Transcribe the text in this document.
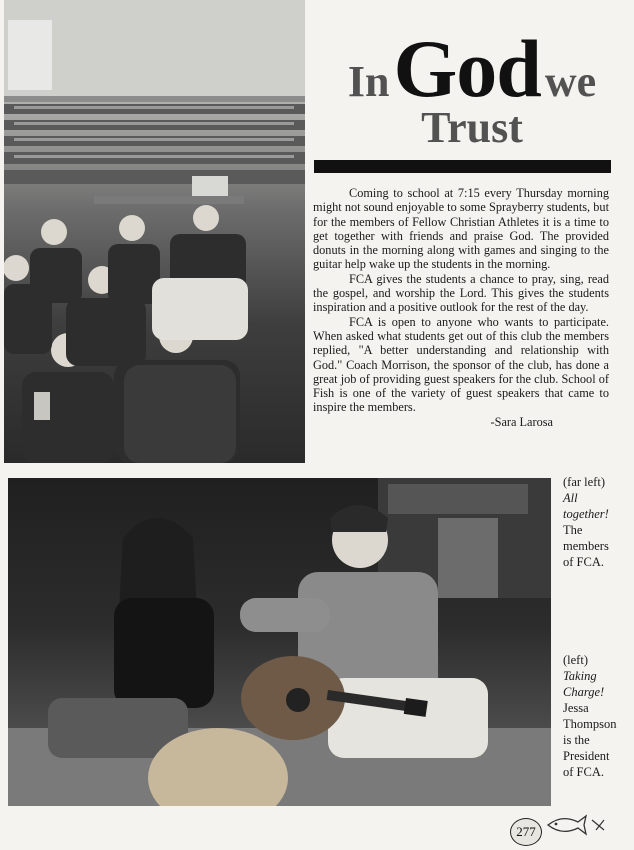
In God we
Trust

Coming to school at 7:15 every Thursday morning might not sound enjoyable to some Sprayberry students, but for the members of Fellow Christian Athletes it is a time to get together with friends and praise God. The provided donuts in the morning along with games and singing to the guitar help wake up the students in the morning.

FCA gives the students a chance to pray, sing, read the gospel, and worship the Lord. This gives the students inspiration and a positive outlook for the rest of the day.

FCA is open to anyone who wants to participate. When asked what students get out of this club the members replied, "A better understanding and relationship with God." Coach Morrison, the sponsor of the club, has done a great job of providing guest speakers for the club. School of Fish is one of the variety of guest speakers that came to inspire the members.

-Sara Larosa

(far left)
All together!
The members of FCA.
(left)
Taking Charge!
Jessa Thompson is the President of FCA.
277
